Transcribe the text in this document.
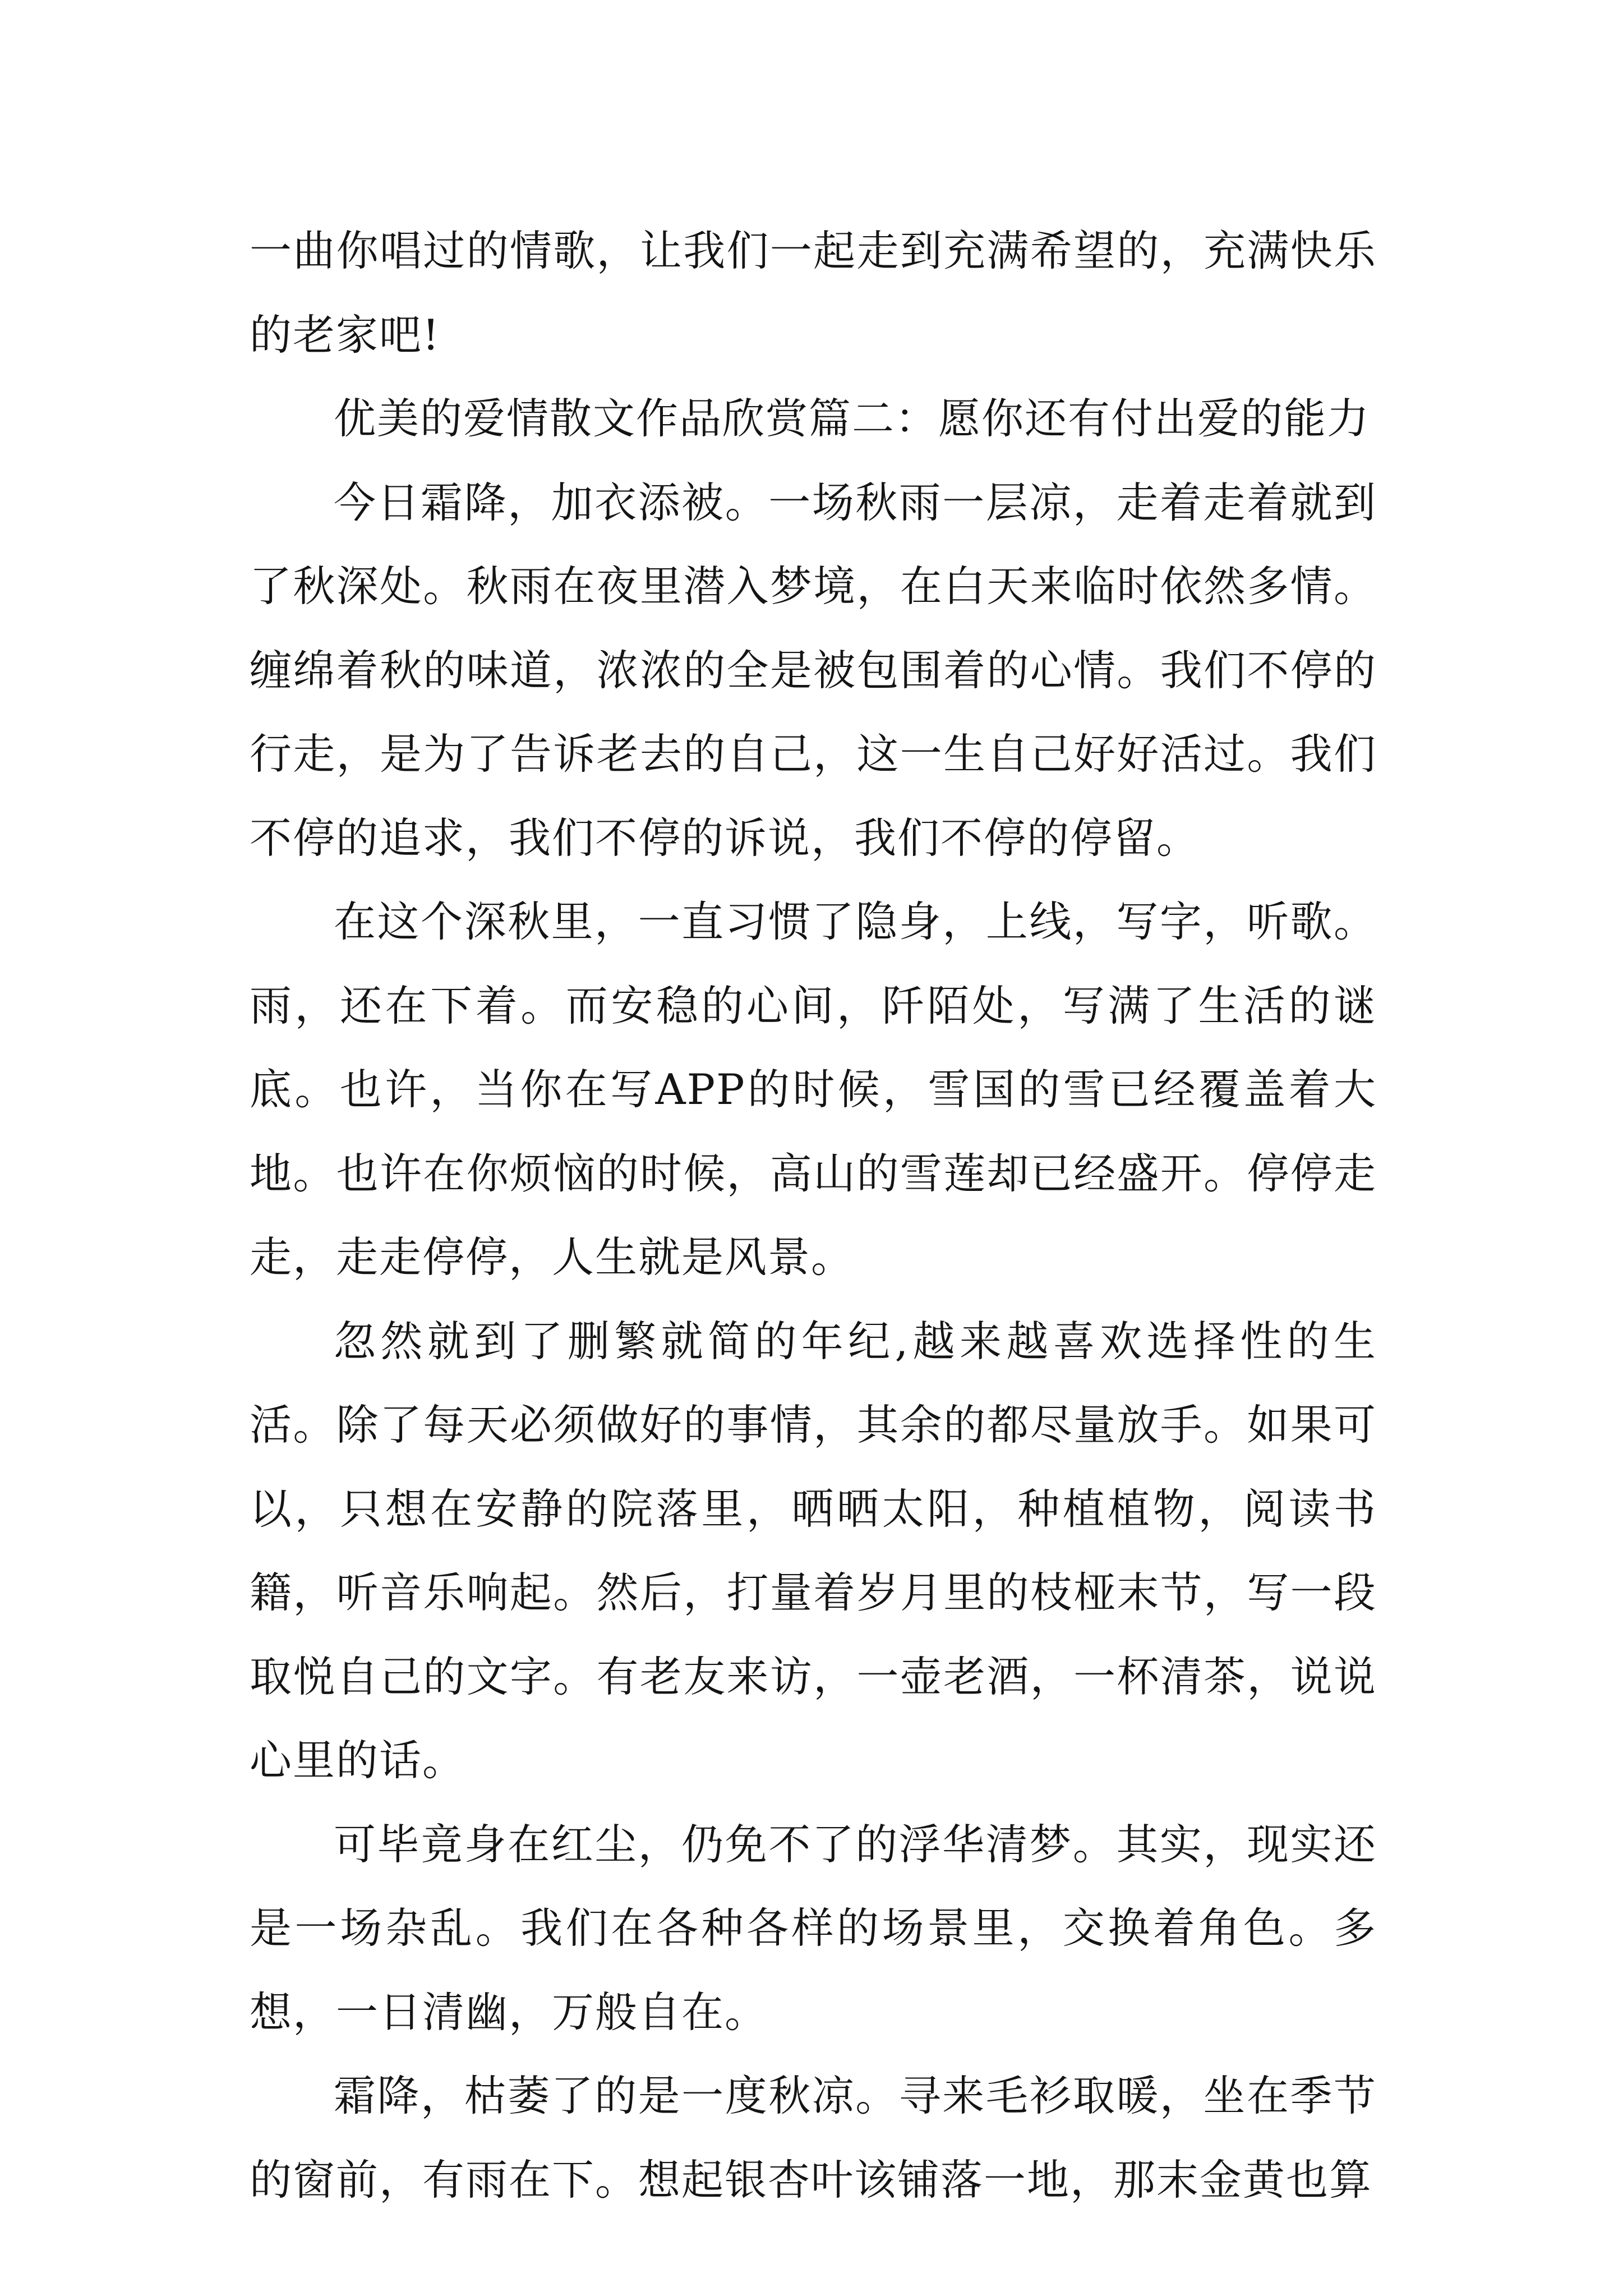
一曲你唱过的情歌，让我们一起走到充满希望的，充满快乐的老家吧!

优美的爱情散文作品欣赏篇二：愿你还有付出爱的能力

今日霜降，加衣添被。一场秋雨一层凉，走着走着就到了秋深处。秋雨在夜里潜入梦境，在白天来临时依然多情。缠绵着秋的味道，浓浓的全是被包围着的心情。我们不停的行走，是为了告诉老去的自己，这一生自己好好活过。我们不停的追求，我们不停的诉说，我们不停的停留。

在这个深秋里，一直习惯了隐身，上线，写字，听歌。雨，还在下着。而安稳的心间，阡陌处，写满了生活的谜底。也许，当你在写APP的时候，雪国的雪已经覆盖着大地。也许在你烦恼的时候，高山的雪莲却已经盛开。停停走走，走走停停，人生就是风景。

忽然就到了删繁就简的年纪,越来越喜欢选择性的生活。除了每天必须做好的事情，其余的都尽量放手。如果可以，只想在安静的院落里，晒晒太阳，种植植物，阅读书籍，听音乐响起。然后，打量着岁月里的枝桠末节，写一段取悦自己的文字。有老友来访，一壶老酒，一杯清茶，说说心里的话。

可毕竟身在红尘，仍免不了的浮华清梦。其实，现实还是一场杂乱。我们在各种各样的场景里，交换着角色。多想，一日清幽，万般自在。

霜降，枯萎了的是一度秋凉。寻来毛衫取暖，坐在季节的窗前，有雨在下。想起银杏叶该铺落一地，那末金黄也算
